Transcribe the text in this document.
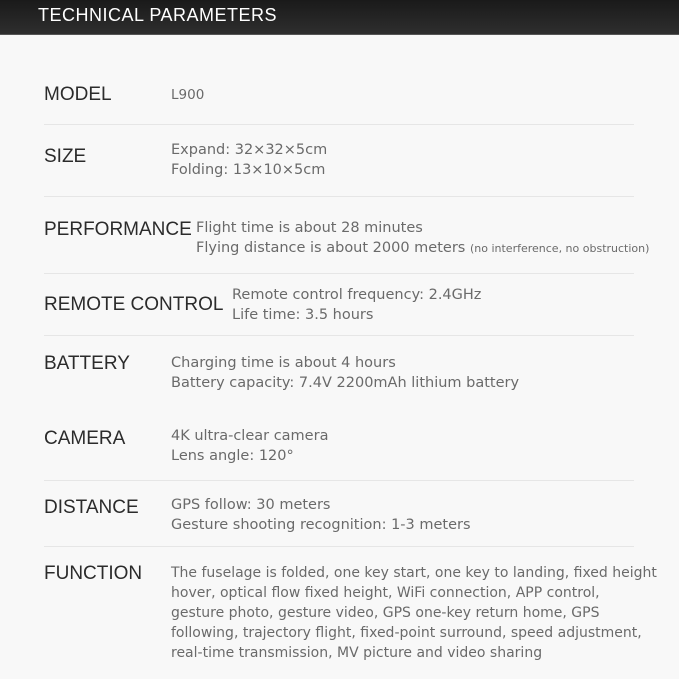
TECHNICAL PARAMETERS
MODEL	L900
SIZE	Expand: 32×32×5cm
Folding: 13×10×5cm
PERFORMANCE Flight time is about 28 minutes
Flying distance is about 2000 meters (no interference, no obstruction)
REMOTE CONTROL Remote control frequency: 2.4GHz
Life time: 3.5 hours
BATTERY	Charging time is about 4 hours
Battery capacity: 7.4V 2200mAh lithium battery
CAMERA	4K ultra-clear camera
Lens angle: 120°
DISTANCE GPS follow: 30 meters
Gesture shooting recognition: 1-3 meters
FUNCTION The fuselage is folded, one key start, one key to landing, fixed height
hover, optical flow fixed height, WiFi connection, APP control,
gesture photo, gesture video, GPS one-key return home, GPS
following, trajectory flight, fixed-point surround, speed adjustment,
real-time transmission, MV picture and video sharing
